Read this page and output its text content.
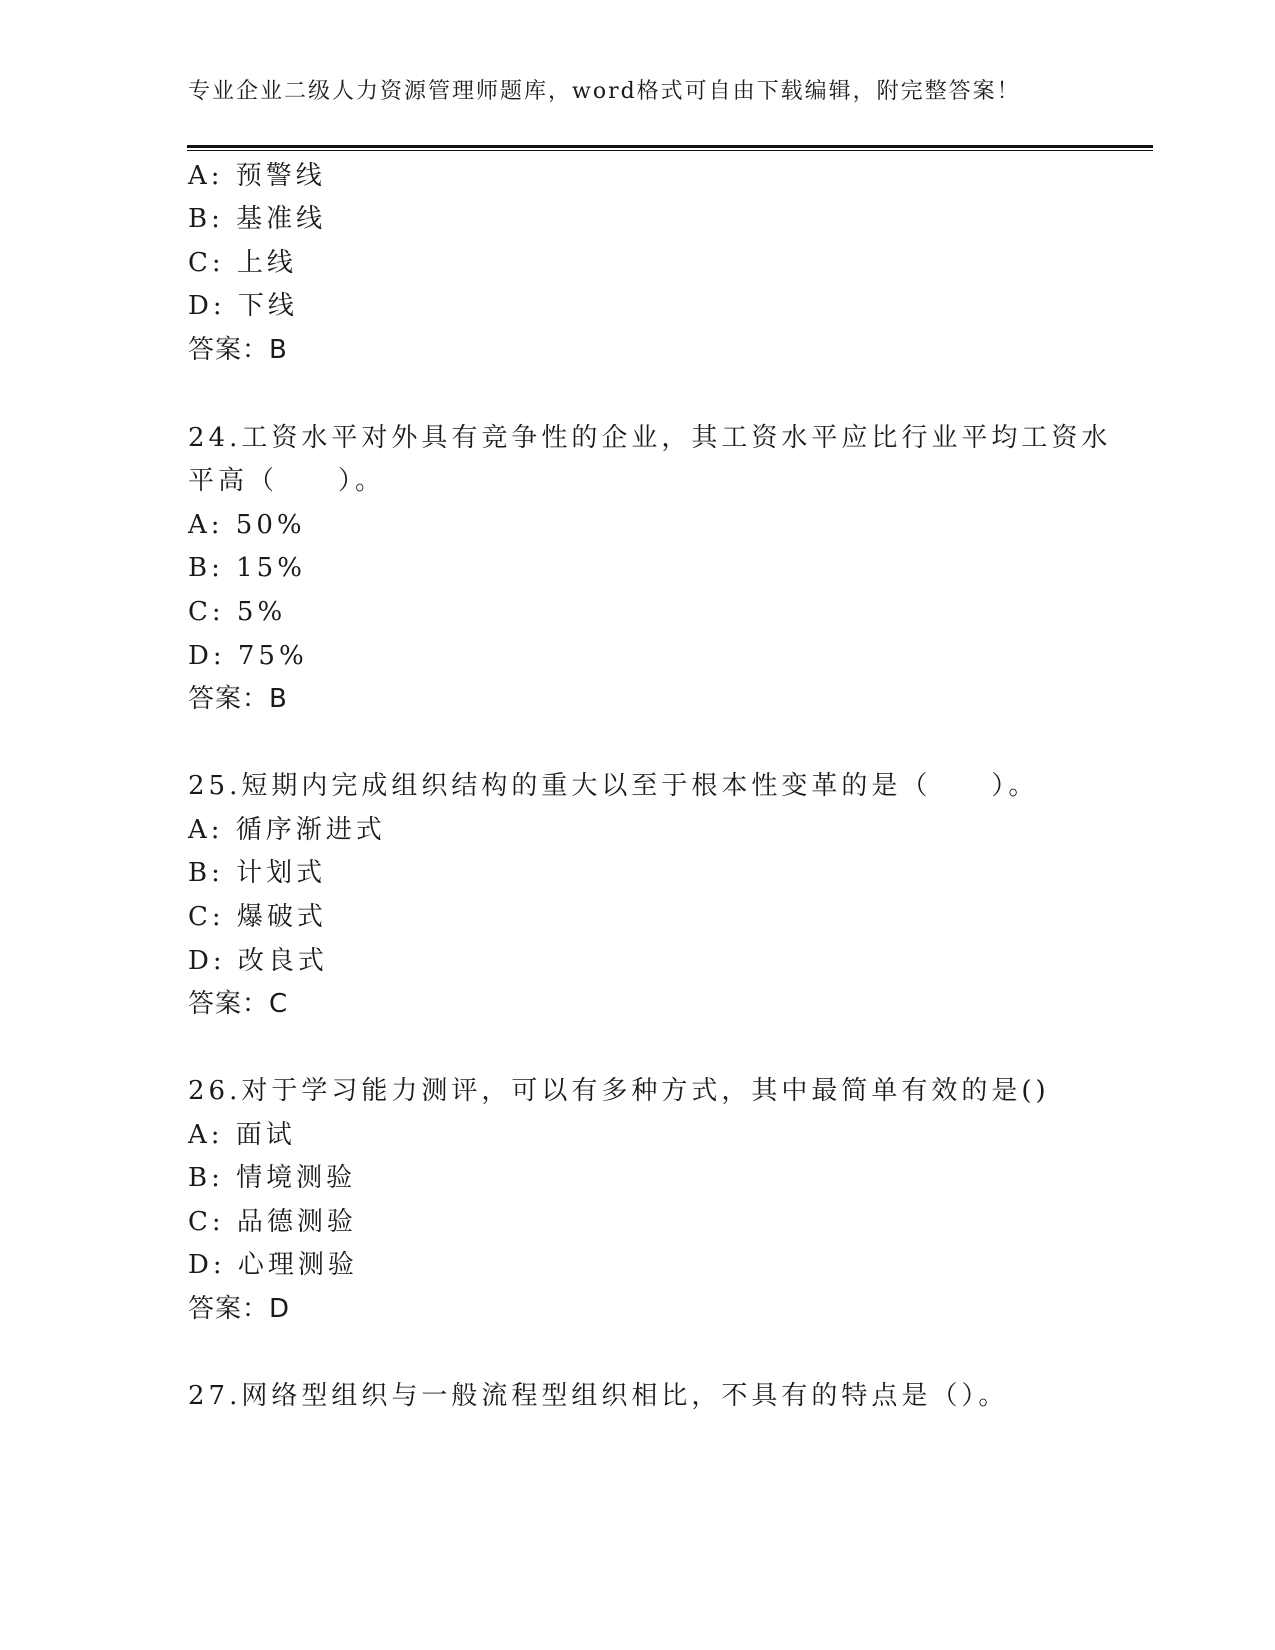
专业企业二级人力资源管理师题库，word格式可自由下载编辑，附完整答案！
A: 预警线
B: 基准线
C: 上线
D: 下线
答案：B
24.工资水平对外具有竞争性的企业，其工资水平应比行业平均工资水
平高（　　）。
A: 50%
B: 15%
C: 5%
D: 75%
答案：B
25.短期内完成组织结构的重大以至于根本性变革的是（　　）。
A: 循序渐进式
B: 计划式
C: 爆破式
D: 改良式
答案：C
26.对于学习能力测评，可以有多种方式，其中最简单有效的是()
A: 面试
B: 情境测验
C: 品德测验
D: 心理测验
答案：D
27.网络型组织与一般流程型组织相比，不具有的特点是（）。
